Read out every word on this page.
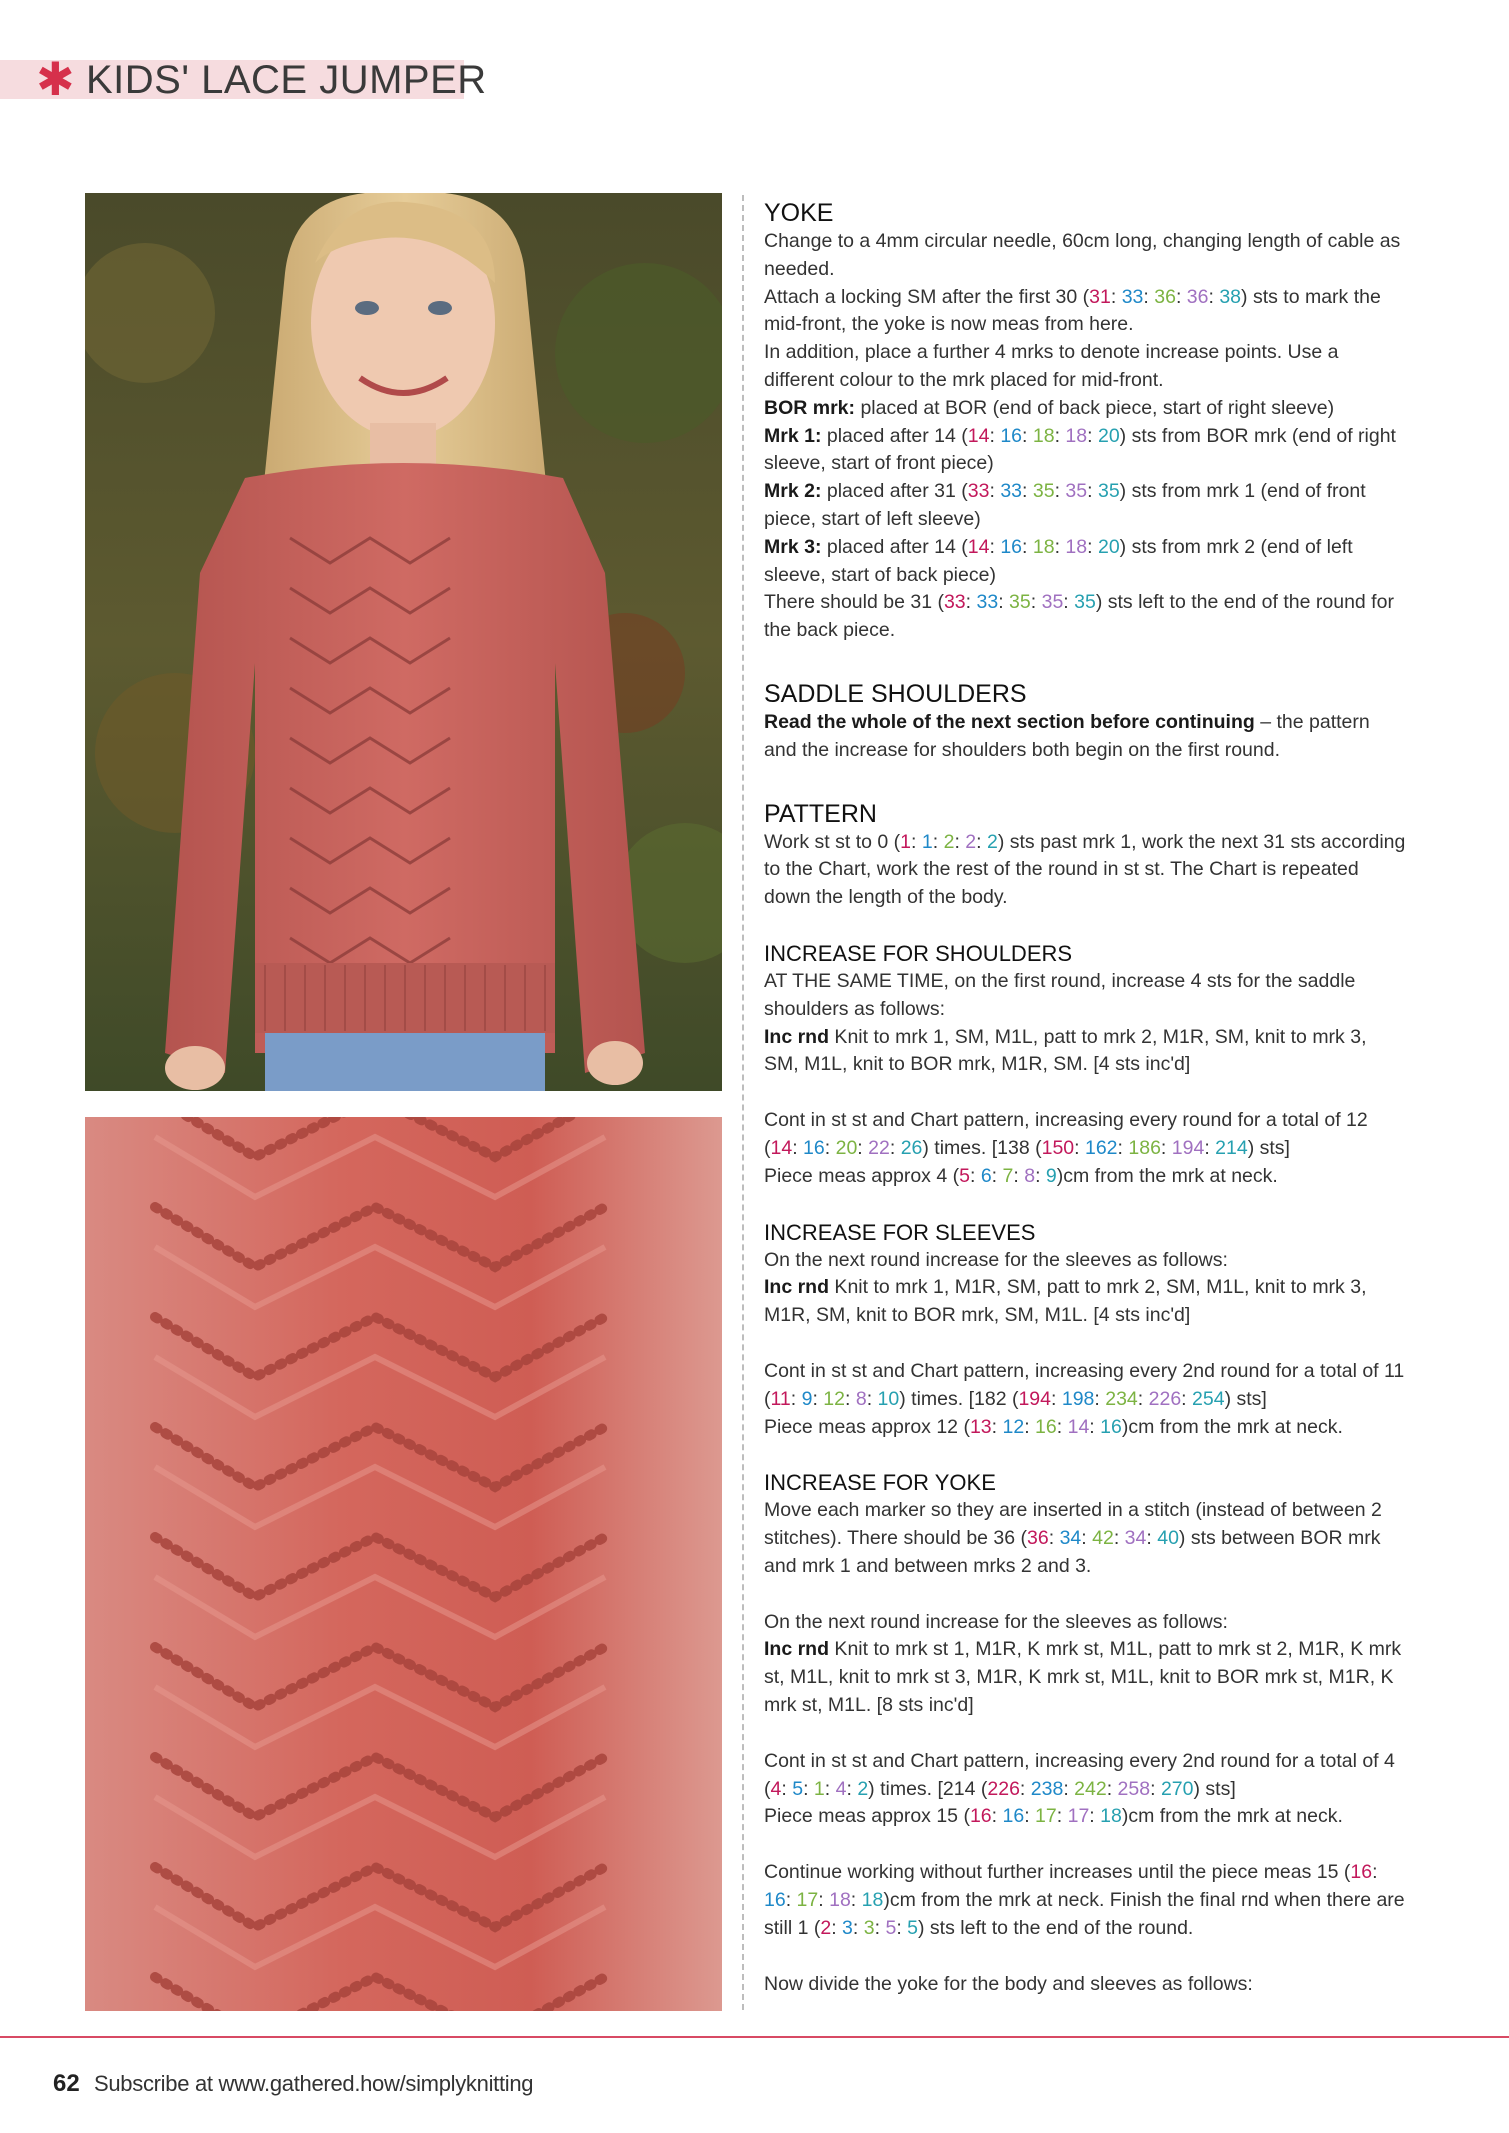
✱ KIDS' LACE JUMPER
YOKE

Change to a 4mm circular needle, 60cm long, changing length of cable as needed.

Attach a locking SM after the first 30 (31: 33: 36: 36: 38) sts to mark the mid-front, the yoke is now meas from here.

In addition, place a further 4 mrks to denote increase points. Use a different colour to the mrk placed for mid-front.

BOR mrk: placed at BOR (end of back piece, start of right sleeve)

Mrk 1: placed after 14 (14: 16: 18: 18: 20) sts from BOR mrk (end of right sleeve, start of front piece)

Mrk 2: placed after 31 (33: 33: 35: 35: 35) sts from mrk 1 (end of front piece, start of left sleeve)

Mrk 3: placed after 14 (14: 16: 18: 18: 20) sts from mrk 2 (end of left sleeve, start of back piece)

There should be 31 (33: 33: 35: 35: 35) sts left to the end of the round for the back piece.

SADDLE SHOULDERS

Read the whole of the next section before continuing – the pattern and the increase for shoulders both begin on the first round.

PATTERN

Work st st to 0 (1: 1: 2: 2: 2) sts past mrk 1, work the next 31 sts according to the Chart, work the rest of the round in st st. The Chart is repeated down the length of the body.

INCREASE FOR SHOULDERS

AT THE SAME TIME, on the first round, increase 4 sts for the saddle shoulders as follows:

Inc rnd Knit to mrk 1, SM, M1L, patt to mrk 2, M1R, SM, knit to mrk 3, SM, M1L, knit to BOR mrk, M1R, SM. [4 sts inc'd]

Cont in st st and Chart pattern, increasing every round for a total of 12 (14: 16: 20: 22: 26) times. [138 (150: 162: 186: 194: 214) sts]

Piece meas approx 4 (5: 6: 7: 8: 9)cm from the mrk at neck.

INCREASE FOR SLEEVES

On the next round increase for the sleeves as follows:

Inc rnd Knit to mrk 1, M1R, SM, patt to mrk 2, SM, M1L, knit to mrk 3, M1R, SM, knit to BOR mrk, SM, M1L. [4 sts inc'd]

Cont in st st and Chart pattern, increasing every 2nd round for a total of 11 (11: 9: 12: 8: 10) times. [182 (194: 198: 234: 226: 254) sts]

Piece meas approx 12 (13: 12: 16: 14: 16)cm from the mrk at neck.

INCREASE FOR YOKE

Move each marker so they are inserted in a stitch (instead of between 2 stitches). There should be 36 (36: 34: 42: 34: 40) sts between BOR mrk and mrk 1 and between mrks 2 and 3.

On the next round increase for the sleeves as follows:

Inc rnd Knit to mrk st 1, M1R, K mrk st, M1L, patt to mrk st 2, M1R, K mrk st, M1L, knit to mrk st 3, M1R, K mrk st, M1L, knit to BOR mrk st, M1R, K mrk st, M1L. [8 sts inc'd]

Cont in st st and Chart pattern, increasing every 2nd round for a total of 4 (4: 5: 1: 4: 2) times. [214 (226: 238: 242: 258: 270) sts]

Piece meas approx 15 (16: 16: 17: 17: 18)cm from the mrk at neck.

Continue working without further increases until the piece meas 15 (16: 16: 17: 18: 18)cm from the mrk at neck. Finish the final rnd when there are still 1 (2: 3: 3: 5: 5) sts left to the end of the round.

Now divide the yoke for the body and sleeves as follows:

62 Subscribe at www.gathered.how/simplyknitting
